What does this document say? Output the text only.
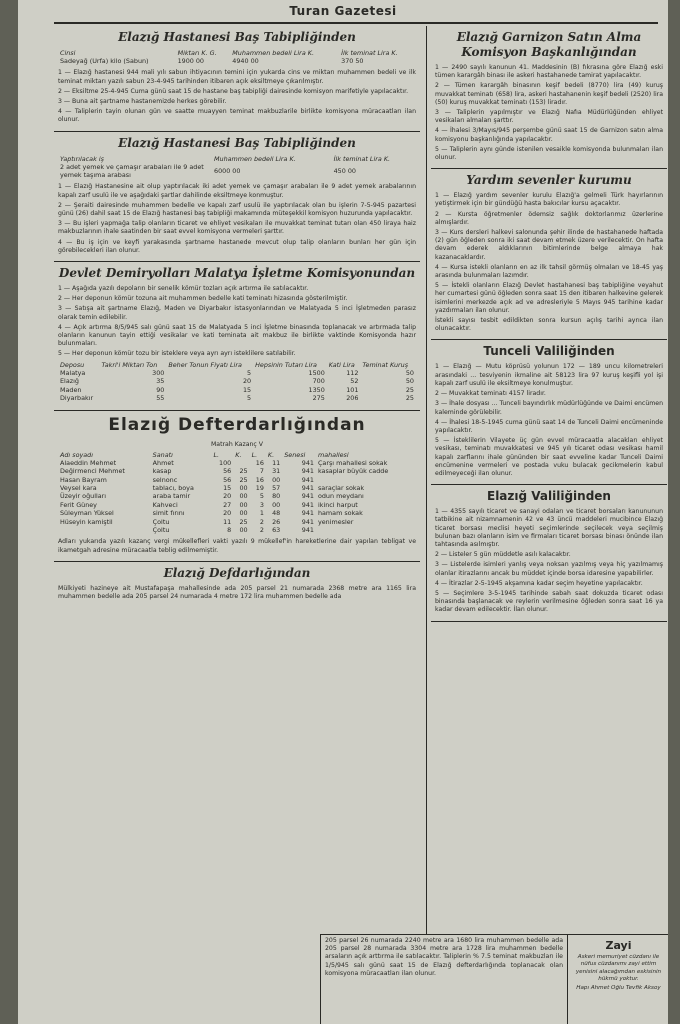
Turan Gazetesi
Elazığ Hastanesi Baş Tabipliğinden
Cinsi	Miktarı K. G.	Muhammen bedeli Lira K.	İlk teminat Lira K.
Sadeyağ (Urfa) kilo (Sabun)	1900 00	4940 00	370 50

1 — Elazığ hastanesi 944 mali yılı sabun ihtiyacının temini için yukarda cins ve miktarı muhammen bedeli ve ilk teminat miktarı yazılı sabun 23-4-945 tarihinden itibaren açık eksiltmeye çıkarılmıştır.

2 — Eksiltme 25-4-945 Cuma günü saat 15 de hastane baş tabipliği dairesinde komisyon marifetiyle yapılacaktır.

3 — Buna ait şartname hastanemizde herkes görebilir.

4 — Taliplerin tayin olunan gün ve saatte muayyen teminat makbuzlarile birlikte komisyona müracaatları ilan olunur.

Elazığ Hastanesi Baş Tabipliğinden
Yaptırılacak iş	Muhammen bedeli Lira K.	İlk teminat Lira K.
2 adet yemek ve çamaşır arabaları ile 9 adet yemek taşıma arabası	6000 00	450 00

1 — Elazığ Hastanesine ait olup yaptırılacak iki adet yemek ve çamaşır arabaları ile 9 adet yemek arabalarının kapalı zarf usulü ile ve aşağıdaki şartlar dahilinde eksiltmeye konmuştur.

2 — Şeraiti dairesinde muhammen bedelle ve kapalı zarf usulü ile yaptırılacak olan bu işlerin 7-5-945 pazartesi günü (26) dahil saat 15 de Elazığ hastanesi baş tabipliği makamında müteşekkil komisyon huzurunda yapılacaktır.

3 — Bu işleri yapmağa talip olanların ticaret ve ehliyet vesikaları ile muvakkat teminat tutarı olan 450 liraya haiz makbuzlarının ihale saatinden bir saat evvel komisyona vermeleri şarttır.

4 — Bu iş için ve keyfi yarakasında şartname hastanede mevcut olup talip olanların bunları her gün için görebilecekleri ilan olunur.

Devlet Demiryolları Malatya İşletme Komisyonundan

1 — Aşağıda yazılı depoların bir senelik kömür tozları açık artırma ile satılacaktır.

2 — Her deponun kömür tozuna ait muhammen bedelle kati teminatı hizasında gösterilmiştir.

3 — Satışa ait şartname Elazığ, Maden ve Diyarbakır istasyonlarından ve Malatyada 5 inci İşletmeden parasız olarak temin edilebilir.

4 — Açık artırma 8/5/945 salı günü saat 15 de Malatyada 5 inci İşletme binasında toplanacak ve artırmada talip olanların kanunun tayin ettiği vesikalar ve kati teminata ait makbuz ile birlikte vaktinde Komisyonda hazır bulunmaları.

5 — Her deponun kömür tozu bir isteklere veya ayrı ayrı isteklilere satılabilir.

Deposu	Takri'i Miktarı Ton	Beher Tonun Fiyatı Lira	Hepsinin Tutarı Lira	Kati Lira	Teminat Kuruş
Malatya	300	5	1500	112	50
Elazığ	35	20	700	52	50
Maden	90	15	1350	101	25
Diyarbakır	55	5	275	206	25
Elazığ Defterdarlığından

Matrah Kazanç V

Adı soyadı	Sanatı	L.	K.	L.	K.	Senesi	mahallesi
Alaeddin Mehmet	Ahmet	100		16	11	941	Çarşı mahallesi sokak
Değirmenci Mehmet	kasap	56	25	7	31	941	kasaplar büyük cadde
Hasan Bayram	selnonc	56	25	16	00	941	
Veysel kara	tablacı, boya	15	00	19	57	941	saraçlar sokak
Üzeyir oğulları	araba tamir	20	00	5	80	941	odun meydanı
Ferit Güney	Kahveci	27	00	3	00	941	ikinci harput
Süleyman Yüksel	simit fırını	20	00	1	48	941	hamam sokak
Hüseyin kamiştil	Çoltu	11	25	2	26	941	yenimesler
	Çoltu	8	00	2	63	941	

Adları yukarıda yazılı kazanç vergi mükellefleri vakti yazılı 9 mükellef'in hareketlerine dair yapılan tebligat ve ikametgah adresine müracaatla teblig edilmemiştir.

Elazığ Defdarlığından

Mülkiyeti hazineye ait Mustafapaşa mahallesinde ada 205 parsel 21 numarada 2368 metre ara 1165 lira muhammen bedelle ada 205 parsel 24 numarada 4 metre 172 lira muhammen bedelle ada

Elazığ Garnizon Satın Alma Komisyon Başkanlığından

1 — 2490 sayılı kanunun 41. Maddesinin (B) fıkrasına göre Elazığ eski tümen karargâh binası ile askeri hastahanede tamirat yapılacaktır.

2 — Tümen karargâh binasının keşif bedeli (8770) lira (49) kuruş muvakkat teminatı (658) lira, askeri hastahanenin keşif bedeli (2520) lira (50) kuruş muvakkat teminatı (153) liradır.

3 — Taliplerin yapılmıştır ve Elazığ Nafıa Müdürlüğünden ehliyet vesikaları almaları şarttır.

4 — İhalesi 3/Mayıs/945 perşembe günü saat 15 de Garnizon satın alma komisyonu başkanlığında yapılacaktır.

5 — Taliplerin aynı günde istenilen vesaikle komisyonda bulunmaları ilan olunur.

Yardım sevenler kurumu

1 — Elazığ yardım sevenler kurulu Elazığ'a gelmeli Türk hayırlarının yetiştirmek için bir gündüğü hasta bakıcılar kursu açacaktır.

2 — Kursta öğretmenler ödemsiz sağlık doktorlarımız üzerlerine almışlardır.

3 — Kurs dersleri halkevi salonunda şehir ilinde de hastahanede haftada (2) gün öğleden sonra iki saat devam etmek üzere verilecektir. On hafta devam ederek aldıklarının bitimlerinde belge almaya hak kazanacaklardır.

4 — Kursa istekli olanların en az ilk tahsil görmüş olmaları ve 18-45 yaş arasında bulunmaları lazımdır.

5 — İstekli olanların Elazığ Devlet hastahanesi baş tabipliğine veyahut her cumartesi günü öğleden sonra saat 15 den itibaren halkevine gelerek isimlerini merkezde açık ad ve adresleriyle 5 Mayıs 945 tarihine kadar yazdırmaları ilan olunur.

İstekli sayısı tesbit edildikten sonra kursun açılış tarihi ayrıca ilan olunacaktır.

Tunceli Valiliğinden

1 — Elazığ — Mutu köprüsü yolunun 172 — 189 uncu kilometreleri arasındaki ... tesviyenin ikmaline ait 58123 lira 97 kuruş keşifli yol işi kapalı zarf usulü ile eksiltmeye konulmuştur.

2 — Muvakkat teminatı 4157 liradır.

3 — İhale dosyası ... Tunceli bayındırlık müdürlüğünde ve Daimi encümen kaleminde görülebilir.

4 — İhalesi 18-5-1945 cuma günü saat 14 de Tunceli Daimi encümeninde yapılacaktır.

5 — İsteklilerin Vilayete üç gün evvel müracaatla alacakları ehliyet vesikası, teminatı muvakkatesi ve 945 yılı ticaret odası vesikası hamil kapalı zarflarını ihale gününden bir saat evveline kadar Tunceli Daimi encümenine vermeleri ve postada vuku bulacak gecikmelerin kabul edilmeyeceği ilan olunur.

Elazığ Valiliğinden

1 — 4355 sayılı ticaret ve sanayi odaları ve ticaret borsaları kanununun tatbikine ait nizamnamenin 42 ve 43 üncü maddeleri mucibince Elazığ ticaret borsası meclisi heyeti seçimlerinde seçilecek veya seçilmiş bulunan bazı olanların isim ve firmaları ticaret borsası binası önünde ilan tahtasında asılmıştır.

2 — Listeler 5 gün müddetle asılı kalacaktır.

3 — Listelerde isimleri yanlış veya noksan yazılmış veya hiç yazılmamış olanlar itirazlarını ancak bu müddet içinde borsa idaresine yapabilirler.

4 — İtirazlar 2-5-1945 akşamına kadar seçim heyetine yapılacaktır.

5 — Seçimlere 3-5-1945 tarihinde sabah saat dokuzda ticaret odası binasında başlanacak ve reylerin verilmesine öğleden sonra saat 16 ya kadar devam edilecektir. İlan olunur.

205 parsel 26 numarada 2240 metre ara 1680 lira muhammen bedelle ada 205 parsel 28 numarada 3304 metre ara 1728 lira muhammen bedelle arsaların açık arttırma ile satılacaktır. Taliplerin % 7.5 teminat makbuzları ile 1/5/945 salı günü saat 15 de Elazığ defterdarlığında toplanacak olan komisyona müracaatları ilan olunur.

Zayi

Askeri memuriyet cüzdanı ile nüfus cüzdanımı zayi ettim yenisini alacağımdan eskisinin hükmü yoktur.

Hapı Ahmet Oğlu Tevfik Aksoy
